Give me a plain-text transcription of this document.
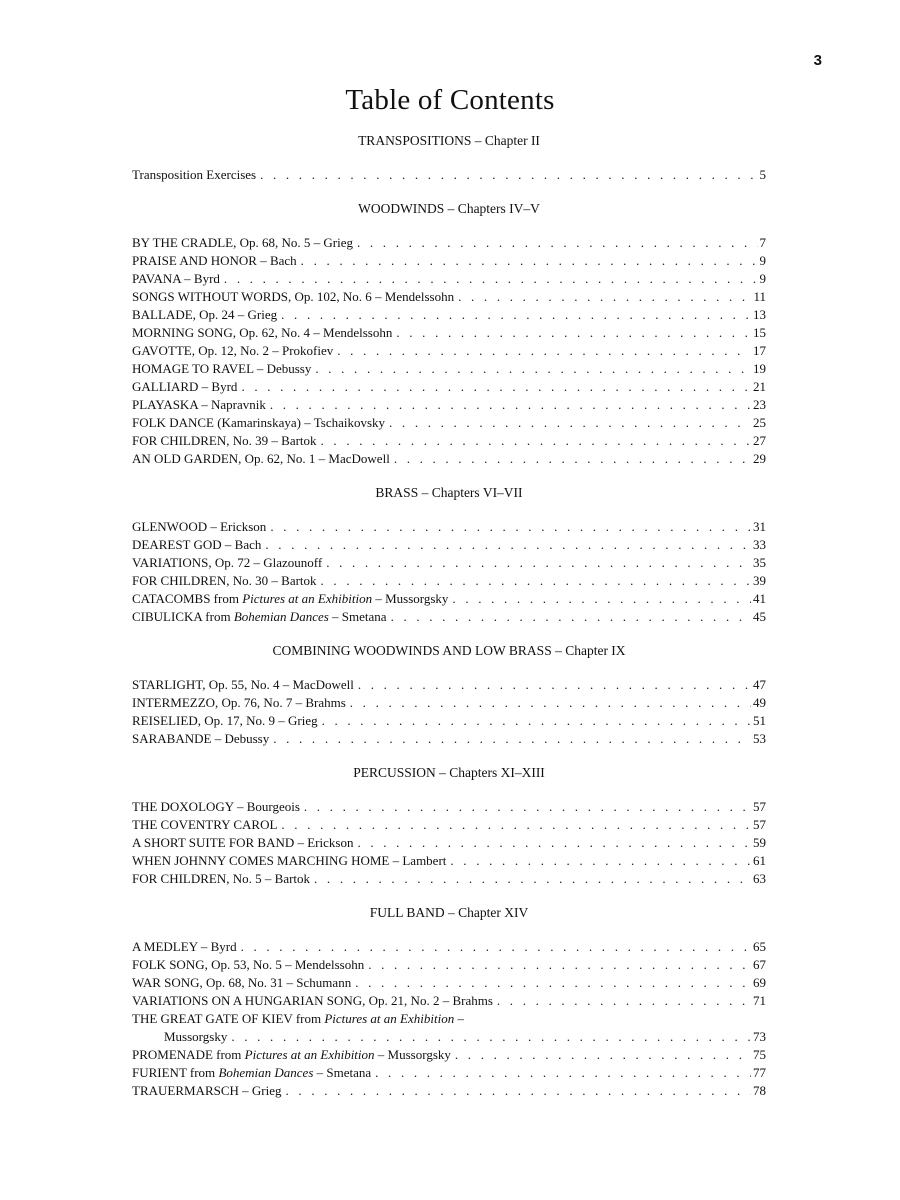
3
Table of Contents
TRANSPOSITIONS – Chapter II
Transposition Exercises . . .	5
WOODWINDS – Chapters IV–V
BY THE CRADLE, Op. 68, No. 5 – Grieg . . .	7
PRAISE AND HONOR – Bach . . .	9
PAVANA – Byrd . . .	9
SONGS WITHOUT WORDS, Op. 102, No. 6 – Mendelssohn . . .	11
BALLADE, Op. 24 – Grieg . . .	13
MORNING SONG, Op. 62, No. 4 – Mendelssohn . . .	15
GAVOTTE, Op. 12, No. 2 – Prokofiev . . .	17
HOMAGE TO RAVEL – Debussy . . .	19
GALLIARD – Byrd . . .	21
PLAYASKA – Napravnik . . .	23
FOLK DANCE (Kamarinskaya) – Tschaikovsky . . .	25
FOR CHILDREN, No. 39 – Bartok . . .	27
AN OLD GARDEN, Op. 62, No. 1 – MacDowell . . .	29
BRASS – Chapters VI–VII
GLENWOOD – Erickson . . .	31
DEAREST GOD – Bach . . .	33
VARIATIONS, Op. 72 – Glazounoff . . .	35
FOR CHILDREN, No. 30 – Bartok . . .	39
CATACOMBS from Pictures at an Exhibition – Mussorgsky . . .	41
CIBULICKA from Bohemian Dances – Smetana . . .	45
COMBINING WOODWINDS AND LOW BRASS – Chapter IX
STARLIGHT, Op. 55, No. 4 – MacDowell . . .	47
INTERMEZZO, Op. 76, No. 7 – Brahms . . .	49
REISELIED, Op. 17, No. 9 – Grieg . . .	51
SARABANDE – Debussy . . .	53
PERCUSSION – Chapters XI–XIII
THE DOXOLOGY – Bourgeois . . .	57
THE COVENTRY CAROL . . .	57
A SHORT SUITE FOR BAND – Erickson . . .	59
WHEN JOHNNY COMES MARCHING HOME – Lambert . . .	61
FOR CHILDREN, No. 5 – Bartok . . .	63
FULL BAND – Chapter XIV
A MEDLEY – Byrd . . .	65
FOLK SONG, Op. 53, No. 5 – Mendelssohn . . .	67
WAR SONG, Op. 68, No. 31 – Schumann . . .	69
VARIATIONS ON A HUNGARIAN SONG, Op. 21, No. 2 – Brahms . . .	71
THE GREAT GATE OF KIEV from Pictures at an Exhibition –
Mussorgsky . . .	73
PROMENADE from Pictures at an Exhibition – Mussorgsky . . .	75
FURIENT from Bohemian Dances – Smetana . . .	77
TRAUERMARSCH – Grieg . . .	78
